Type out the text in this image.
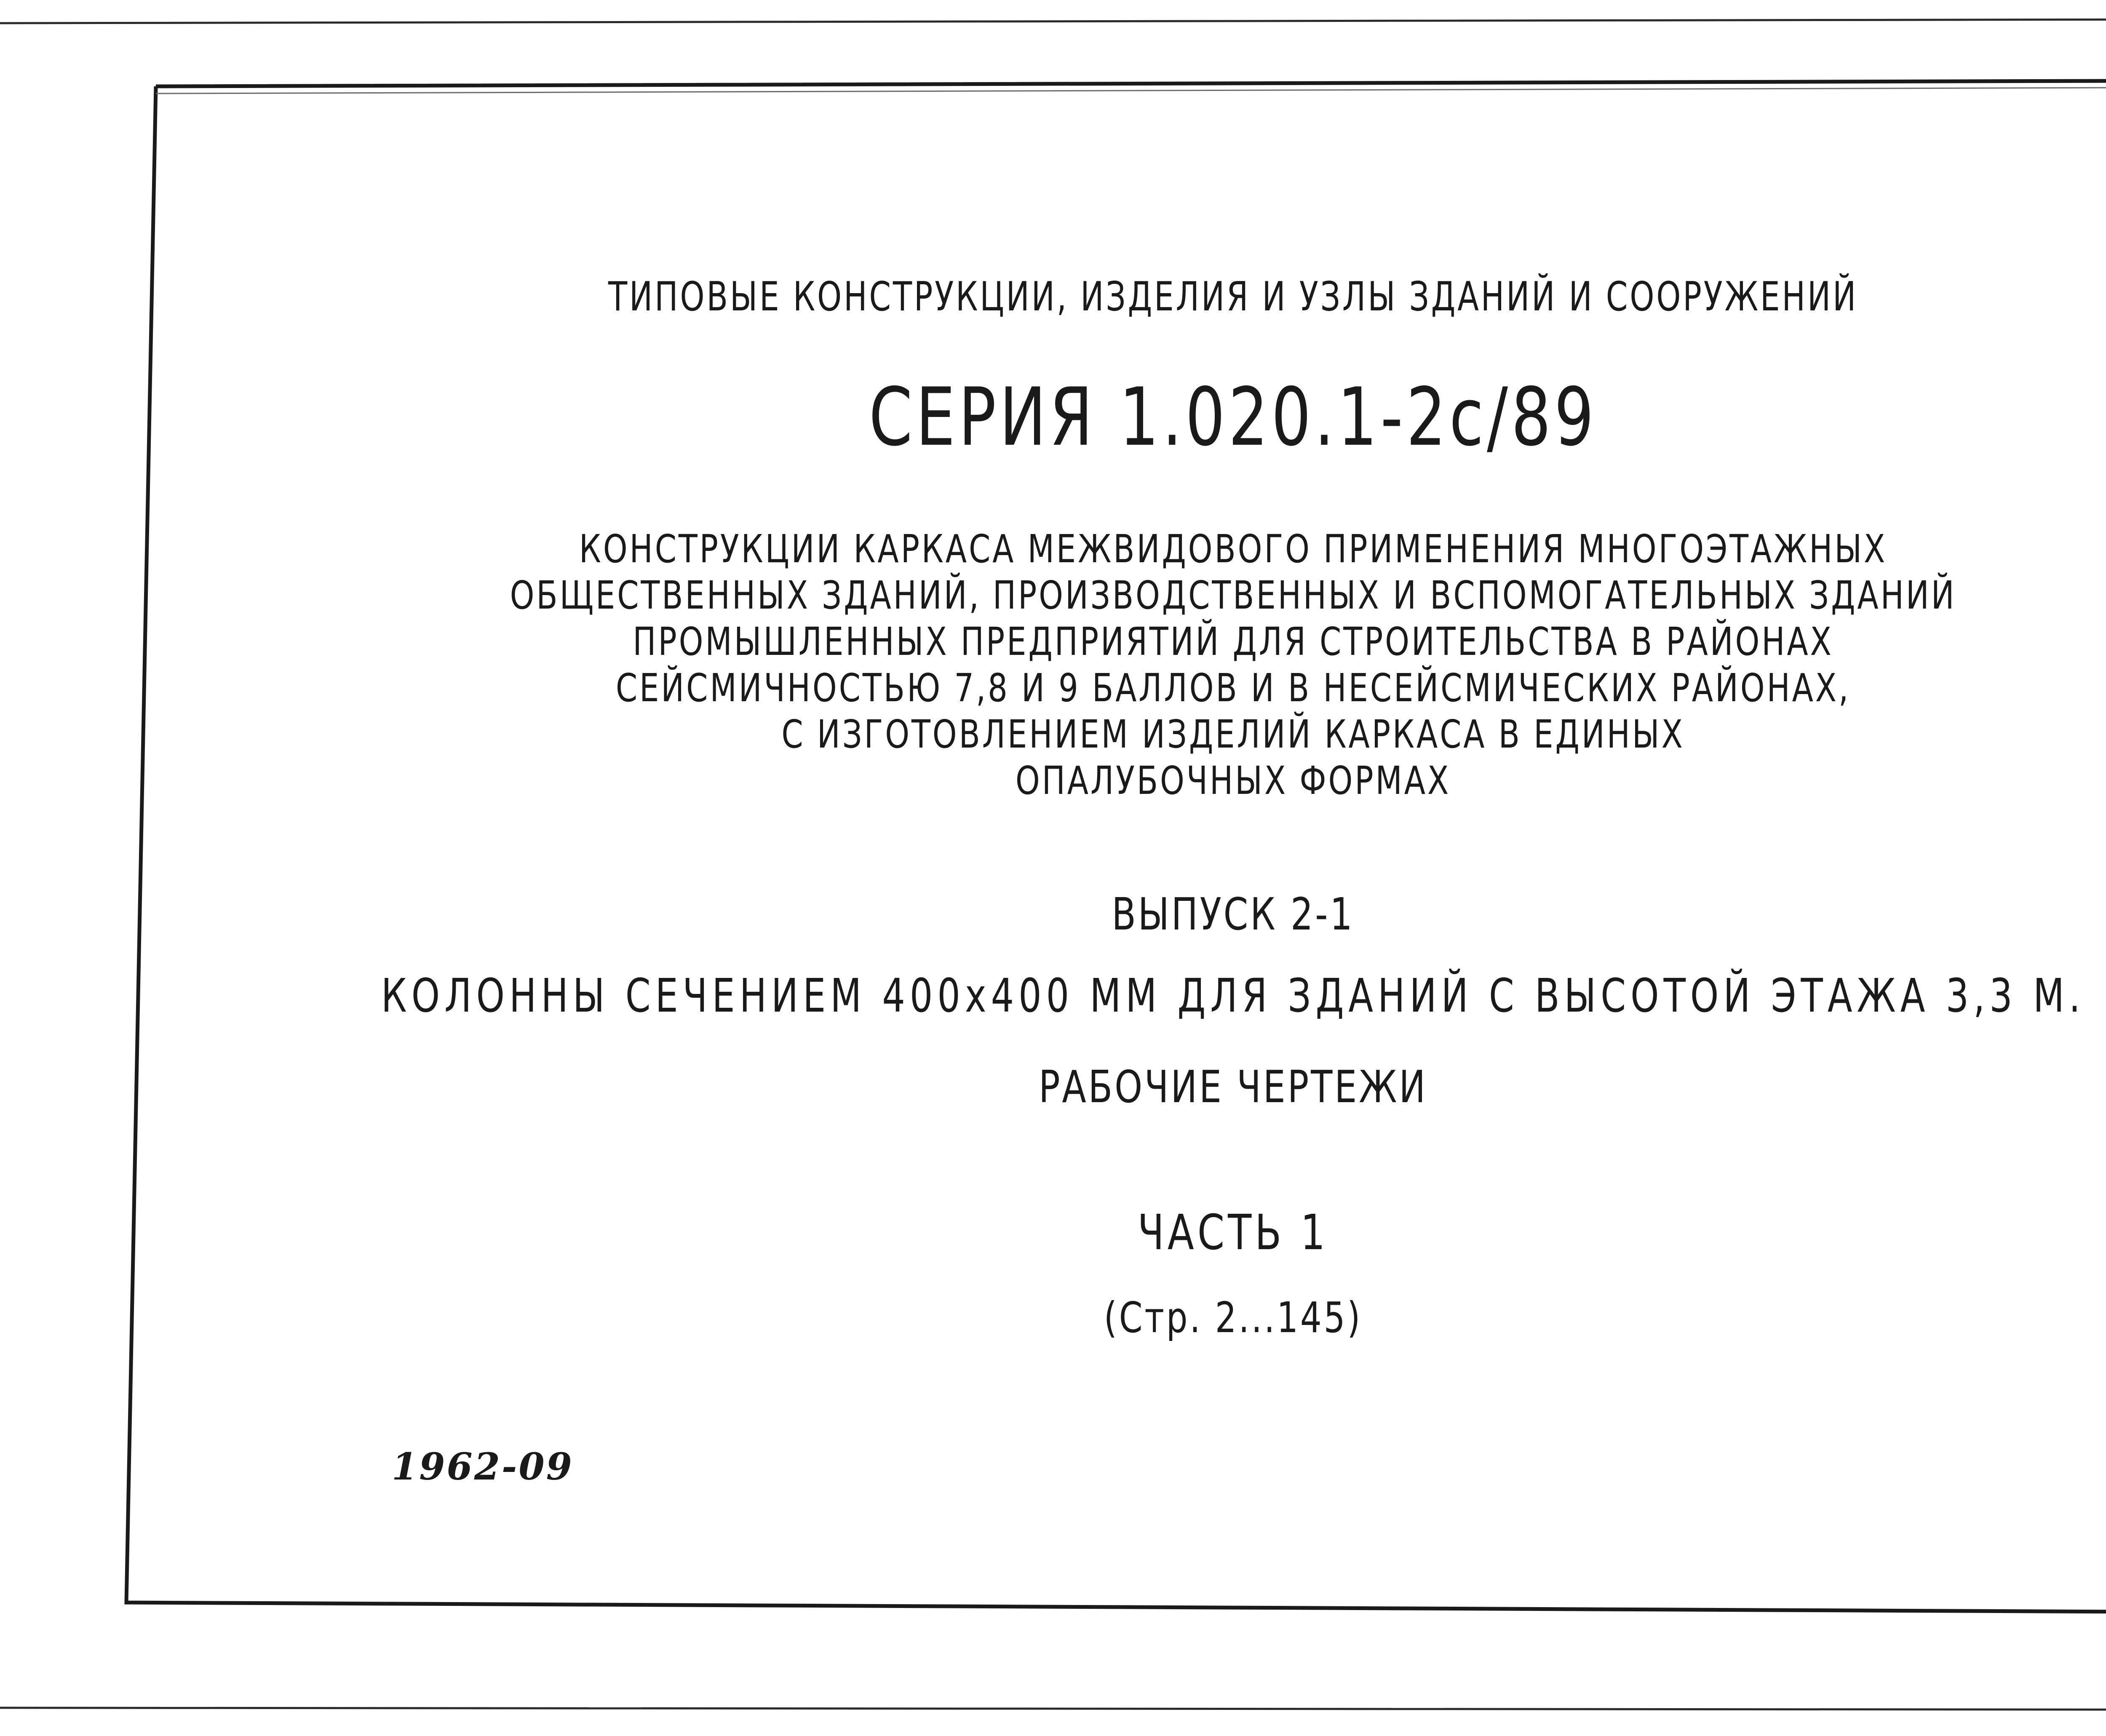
ТИПОВЫЕ КОНСТРУКЦИИ, ИЗДЕЛИЯ И УЗЛЫ ЗДАНИЙ И СООРУЖЕНИЙ
СЕРИЯ 1.020.1-2с/89
КОНСТРУКЦИИ КАРКАСА МЕЖВИДОВОГО ПРИМЕНЕНИЯ МНОГОЭТАЖНЫХ
ОБЩЕСТВЕННЫХ ЗДАНИЙ, ПРОИЗВОДСТВЕННЫХ И ВСПОМОГАТЕЛЬНЫХ ЗДАНИЙ
ПРОМЫШЛЕННЫХ ПРЕДПРИЯТИЙ ДЛЯ СТРОИТЕЛЬСТВА В РАЙОНАХ
СЕЙСМИЧНОСТЬЮ 7,8 И 9 БАЛЛОВ И В НЕСЕЙСМИЧЕСКИХ РАЙОНАХ,
С ИЗГОТОВЛЕНИЕМ ИЗДЕЛИЙ КАРКАСА В ЕДИНЫХ
ОПАЛУБОЧНЫХ ФОРМАХ
ВЫПУСК 2-1
КОЛОННЫ СЕЧЕНИЕМ 400х400 ММ ДЛЯ ЗДАНИЙ С ВЫСОТОЙ ЭТАЖА 3,3 М.
РАБОЧИЕ ЧЕРТЕЖИ
ЧАСТЬ 1
(Стр. 2...145)
1962-09
